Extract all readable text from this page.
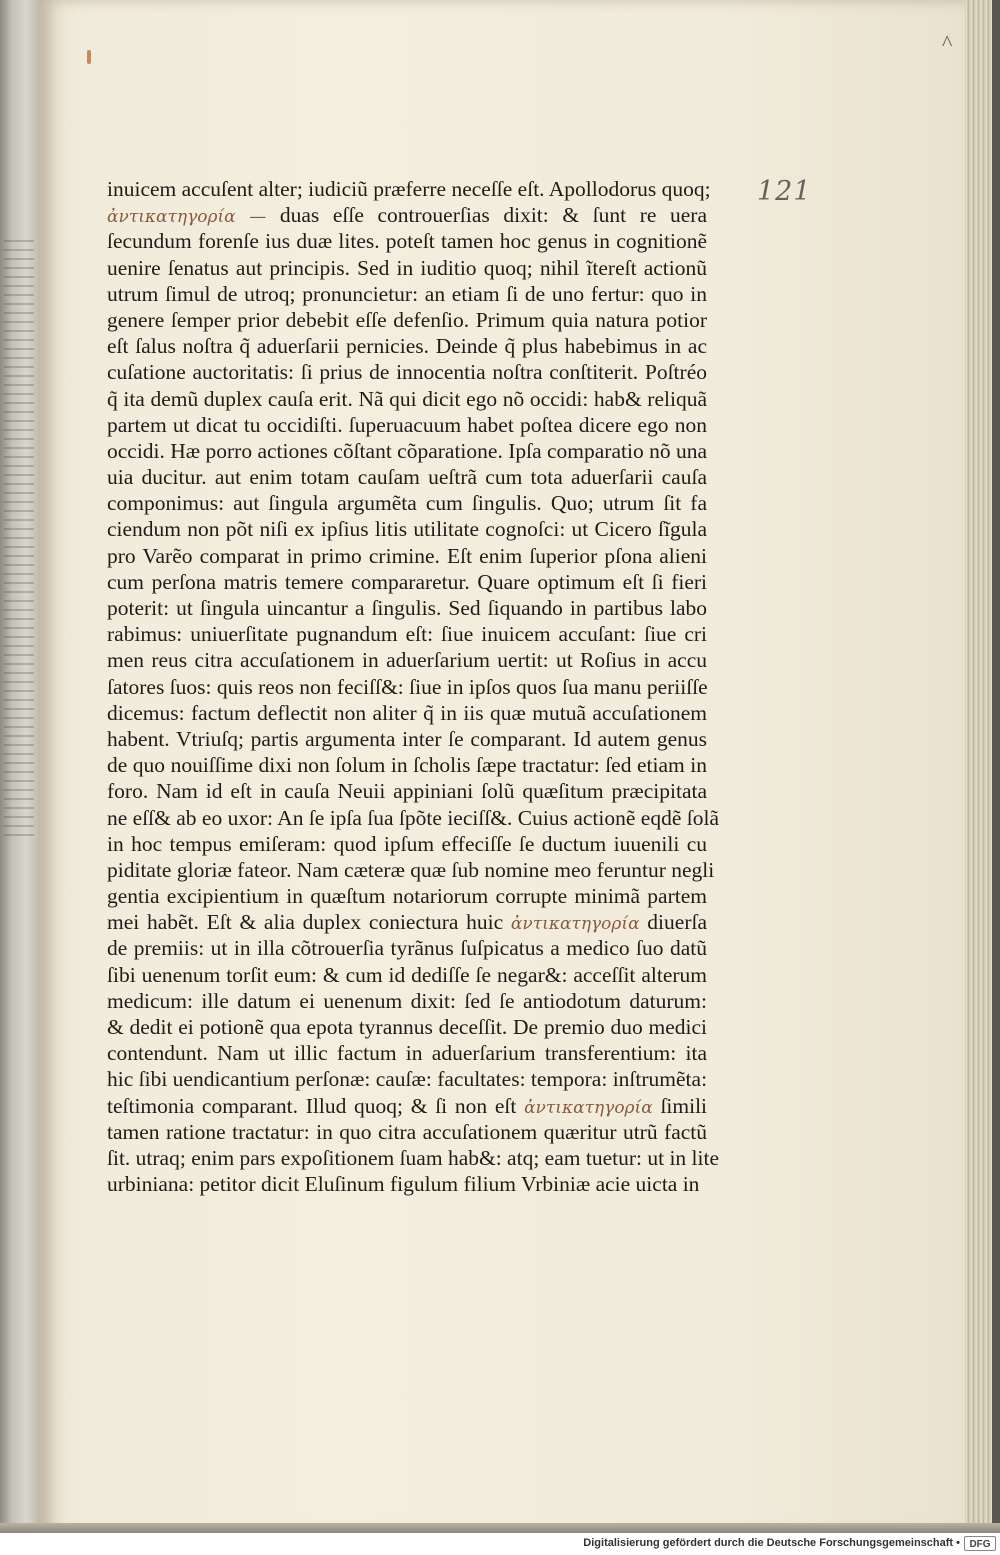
^

121

inuicem accuſent alter; iudiciũ præferre neceſſe eſt. Apollodorus quoq;
ἀντικατηγορία — duas eſſe controuerſias dixit: & ſunt re uera
ſecundum forenſe ius duæ lites. poteſt tamen hoc genus in cognitionẽ
uenire ſenatus aut principis. Sed in iuditio quoq; nihil ĩtereſt actionũ
utrum ſimul de utroq; pronuncietur: an etiam ſi de uno fertur: quo in
genere ſemper prior debebit eſſe defenſio. Primum quia natura potior
eſt ſalus noſtra q̃ aduerſarii pernicies. Deinde q̃ plus habebimus in ac
cuſatione auctoritatis: ſi prius de innocentia noſtra conſtiterit. Poſtréo
q̃ ita demũ duplex cauſa erit. Nã qui dicit ego nõ occidi: hab& reliquã
partem ut dicat tu occidiſti. ſuperuacuum habet poſtea dicere ego non
occidi. Hæ porro actiones cõſtant cõparatione. Ipſa comparatio nõ una
uia ducitur. aut enim totam cauſam ueſtrã cum tota aduerſarii cauſa
componimus: aut ſingula argumẽta cum ſingulis. Quo; utrum ſit fa
ciendum non põt niſi ex ipſius litis utilitate cognoſci: ut Cicero ſĩgula
pro Varẽo comparat in primo crimine. Eſt enim ſuperior pſona alieni
cum perſona matris temere compararetur. Quare optimum eſt ſi fieri
poterit: ut ſingula uincantur a ſingulis. Sed ſiquando in partibus labo
rabimus: uniuerſitate pugnandum eſt: ſiue inuicem accuſant: ſiue cri
men reus citra accuſationem in aduerſarium uertit: ut Roſius in accu
ſatores ſuos: quis reos non feciſſ&: ſiue in ipſos quos ſua manu periiſſe
dicemus: factum deflectit non aliter q̃ in iis quæ mutuã accuſationem
habent. Vtriuſq; partis argumenta inter ſe comparant. Id autem genus
de quo nouiſſime dixi non ſolum in ſcholis ſæpe tractatur: ſed etiam in
foro. Nam id eſt in cauſa Neuii appiniani ſolũ quæſitum præcipitata
ne eſſ& ab eo uxor: An ſe ipſa ſua ſpõte ieciſſ&. Cuius actionẽ eqdẽ ſolã
in hoc tempus emiſeram: quod ipſum effeciſſe ſe ductum iuuenili cu
piditate gloriæ fateor. Nam cæteræ quæ ſub nomine meo feruntur negli
gentia excipientium in quæſtum notariorum corrupte minimã partem
mei habẽt. Eſt & alia duplex coniectura huic ἀντικατηγορία diuerſa
de premiis: ut in illa cõtrouerſia tyrãnus ſuſpicatus a medico ſuo datũ
ſibi uenenum torſit eum: & cum id dediſſe ſe negar&: acceſſit alterum
medicum: ille datum ei uenenum dixit: ſed ſe antiodotum daturum:
& dedit ei potionẽ qua epota tyrannus deceſſit. De premio duo medici
contendunt. Nam ut illic factum in aduerſarium transferentium: ita
hic ſibi uendicantium perſonæ: cauſæ: facultates: tempora: inſtrumẽta:
teſtimonia comparant. Illud quoq; & ſi non eſt ἀντικατηγορία ſimili
tamen ratione tractatur: in quo citra accuſationem quæritur utrũ factũ
ſit. utraq; enim pars expoſitionem ſuam hab&: atq; eam tuetur: ut in lite
urbiniana: petitor dicit Eluſinum figulum filium Vrbiniæ acie uicta in
Digitalisierung gefördert durch die Deutsche Forschungsgemeinschaft • DFG
